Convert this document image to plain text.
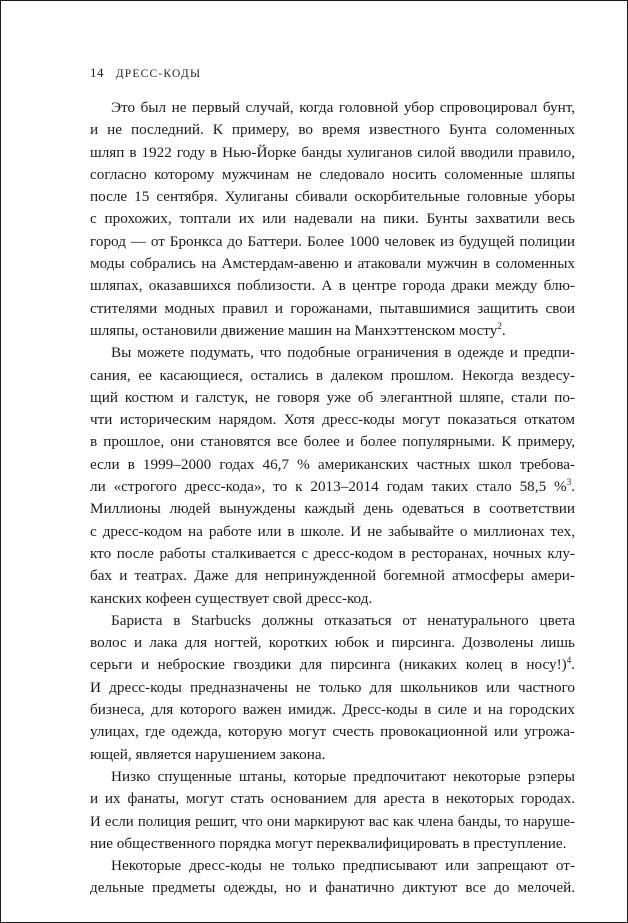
14 ДРЕСС-КОДЫ
Это был не первый случай, когда головной убор спровоцировал бунт,
и не последний. К примеру, во время известного Бунта соломенных
шляп в 1922 году в Нью-Йорке банды хулиганов силой вводили правило,
согласно которому мужчинам не следовало носить соломенные шляпы
после 15 сентября. Хулиганы сбивали оскорбительные головные уборы
с прохожих, топтали их или надевали на пики. Бунты захватили весь
город — от Бронкса до Баттери. Более 1000 человек из будущей полиции
моды собрались на Амстердам-авеню и атаковали мужчин в соломенных
шляпах, оказавшихся поблизости. А в центре города драки между блю-
стителями модных правил и горожанами, пытавшимися защитить свои
шляпы, остановили движение машин на Манхэттенском мосту$^2$.
Вы можете подумать, что подобные ограничения в одежде и предпи-
сания, ее касающиеся, остались в далеком прошлом. Некогда вездесу-
щий костюм и галстук, не говоря уже об элегантной шляпе, стали по-
чти историческим нарядом. Хотя дресс-коды могут показаться откатом
в прошлое, они становятся все более и более популярными. К примеру,
если в 1999–2000 годах 46,7 % американских частных школ требова-
ли «строгого дресс-кода», то к 2013–2014 годам таких стало 58,5 %$^3$.
Миллионы людей вынуждены каждый день одеваться в соответствии
с дресс-кодом на работе или в школе. И не забывайте о миллионах тех,
кто после работы сталкивается с дресс-кодом в ресторанах, ночных клу-
бах и театрах. Даже для непринужденной богемной атмосферы амери-
канских кофеен существует свой дресс-код.
Бариста в Starbucks должны отказаться от ненатурального цвета
волос и лака для ногтей, коротких юбок и пирсинга. Дозволены лишь
серьги и неброские гвоздики для пирсинга (никаких колец в носу!)$^4$.
И дресс-коды предназначены не только для школьников или частного
бизнеса, для которого важен имидж. Дресс-коды в силе и на городских
улицах, где одежда, которую могут счесть провокационной или угрожа-
ющей, является нарушением закона.
Низко спущенные штаны, которые предпочитают некоторые рэперы
и их фанаты, могут стать основанием для ареста в некоторых городах.
И если полиция решит, что они маркируют вас как члена банды, то наруше-
ние общественного порядка могут переквалифицировать в преступление.
Некоторые дресс-коды не только предписывают или запрещают от-
дельные предметы одежды, но и фанатично диктуют все до мелочей.
